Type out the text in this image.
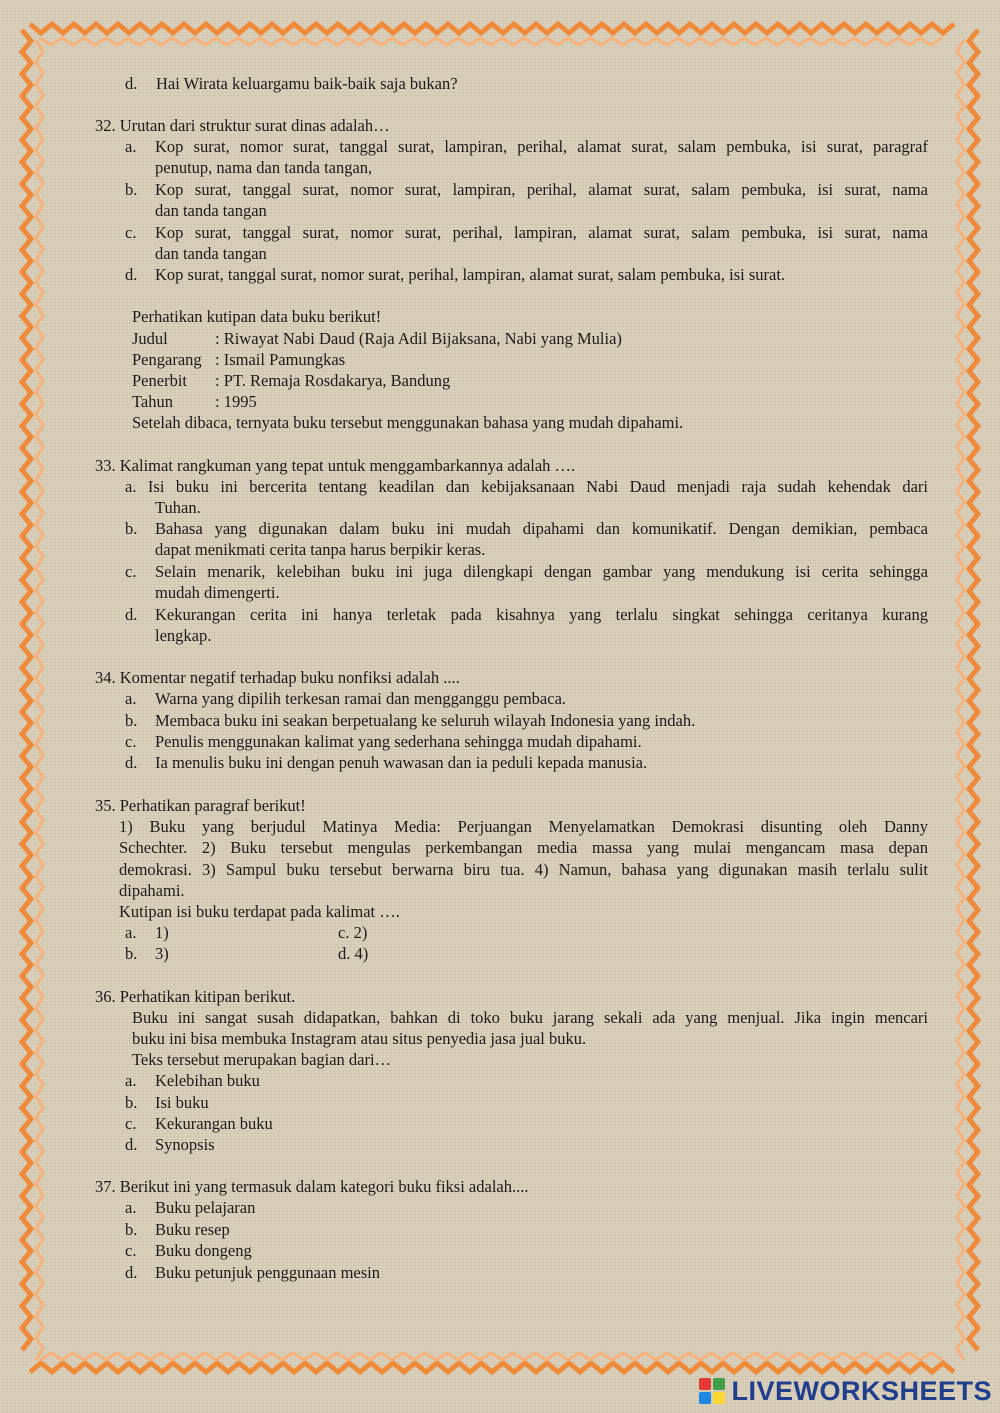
d. Hai Wirata keluargamu baik-baik saja bukan?
32. Urutan dari struktur surat dinas adalah…
a. Kop surat, nomor surat, tanggal surat, lampiran, perihal, alamat surat, salam pembuka, isi surat, paragraf
penutup, nama dan tanda tangan,
b. Kop surat, tanggal surat, nomor surat, lampiran, perihal, alamat surat, salam pembuka, isi surat, nama
dan tanda tangan
c. Kop surat, tanggal surat, nomor surat, perihal, lampiran, alamat surat, salam pembuka, isi surat, nama
dan tanda tangan
d. Kop surat, tanggal surat, nomor surat, perihal, lampiran, alamat surat, salam pembuka, isi surat.
Perhatikan kutipan data buku berikut!
Judul	: Riwayat Nabi Daud (Raja Adil Bijaksana, Nabi yang Mulia)
Pengarang : Ismail Pamungkas
Penerbit : PT. Remaja Rosdakarya, Bandung
Tahun	: 1995
Setelah dibaca, ternyata buku tersebut menggunakan bahasa yang mudah dipahami.
33. Kalimat rangkuman yang tepat untuk menggambarkannya adalah ….
a. Isi buku ini bercerita tentang keadilan dan kebijaksanaan Nabi Daud menjadi raja sudah kehendak dari
Tuhan.
b. Bahasa yang digunakan dalam buku ini mudah dipahami dan komunikatif. Dengan demikian, pembaca
dapat menikmati cerita tanpa harus berpikir keras.
c. Selain menarik, kelebihan buku ini juga dilengkapi dengan gambar yang mendukung isi cerita sehingga
mudah dimengerti.
d. Kekurangan cerita ini hanya terletak pada kisahnya yang terlalu singkat sehingga ceritanya kurang
lengkap.
34. Komentar negatif terhadap buku nonfiksi adalah ....
a. Warna yang dipilih terkesan ramai dan mengganggu pembaca.
b. Membaca buku ini seakan berpetualang ke seluruh wilayah Indonesia yang indah.
c. Penulis menggunakan kalimat yang sederhana sehingga mudah dipahami.
d. Ia menulis buku ini dengan penuh wawasan dan ia peduli kepada manusia.
35. Perhatikan paragraf berikut!
1) Buku yang berjudul Matinya Media: Perjuangan Menyelamatkan Demokrasi disunting oleh Danny
Schechter. 2) Buku tersebut mengulas perkembangan media massa yang mulai mengancam masa depan
demokrasi. 3) Sampul buku tersebut berwarna biru tua. 4) Namun, bahasa yang digunakan masih terlalu sulit
dipahami.
Kutipan isi buku terdapat pada kalimat ….
a. 1)	c. 2)
b. 3)	d. 4)
36. Perhatikan kitipan berikut.
Buku ini sangat susah didapatkan, bahkan di toko buku jarang sekali ada yang menjual. Jika ingin mencari
buku ini bisa membuka Instagram atau situs penyedia jasa jual buku.
Teks tersebut merupakan bagian dari…
a. Kelebihan buku
b. Isi buku
c. Kekurangan buku
d. Synopsis
37. Berikut ini yang termasuk dalam kategori buku fiksi adalah....
a. Buku pelajaran
b. Buku resep
c. Buku dongeng
d. Buku petunjuk penggunaan mesin
LIVEWORKSHEETS
